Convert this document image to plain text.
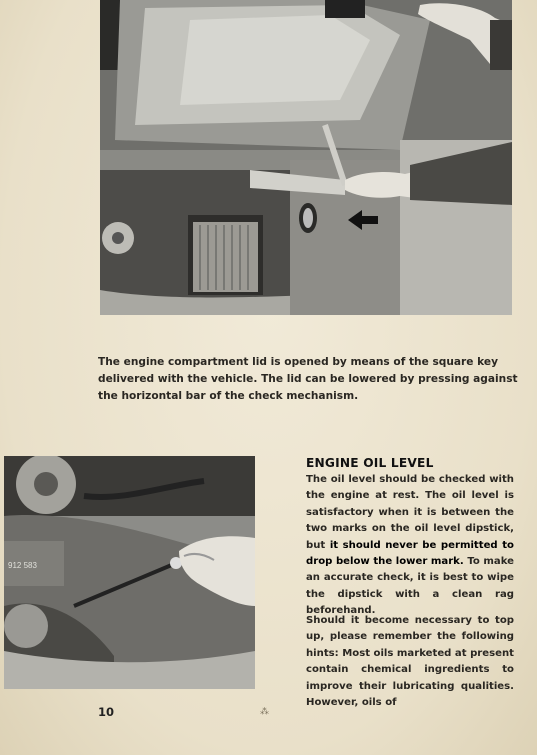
The engine compartment lid is opened by means of the square key delivered with the vehicle. The lid can be lowered by pressing against the horizontal bar of the check mechanism.

912 583
ENGINE OIL LEVEL

The oil level should be checked with the engine at rest. The oil level is satisfactory when it is between the two marks on the oil level dipstick, but it should never be permitted to drop below the lower mark. To make an accurate check, it is best to wipe the dipstick with a clean rag beforehand.

Should it become necessary to top up, please remember the following hints: Most oils marketed at present contain chemical ingredients to improve their lubricating qualities. However, oils of

10	⁂
